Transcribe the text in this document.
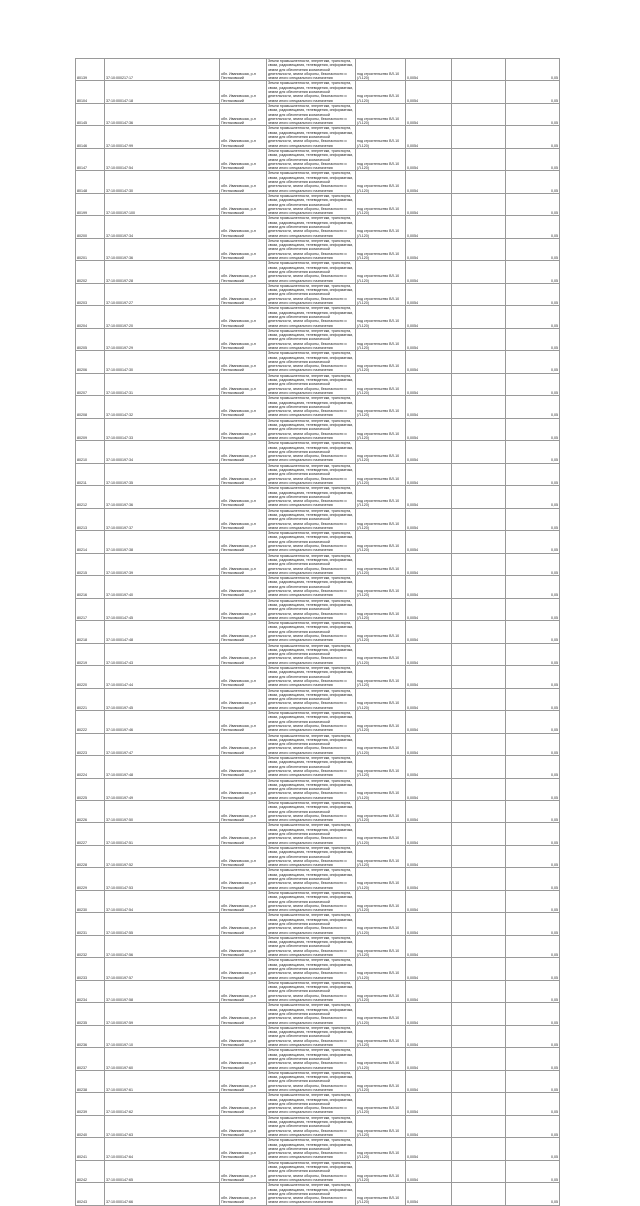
80139	37:10:000217:17	обл. Ивановская, р-н Пестяковский	Земли промышленности, энергетики, транспорта, связи, радиовещания, телевидения, информатики, земли для обеспечения космической деятельности, земли обороны, безопасности и земли иного специального назначения	под строительство ВЛ-10 (Л-120)	0,0054		0,05
80104	37:10:000147:18	обл. Ивановская, р-н Пестяковский	Земли промышленности, энергетики, транспорта, связи, радиовещания, телевидения, информатики, земли для обеспечения космической деятельности, земли обороны, безопасности и земли иного специального назначения	под строительство ВЛ-10 (Л-120)	0,0054		0,05
80145	37:10:000147:36	обл. Ивановская, р-н Пестяковский	Земли промышленности, энергетики, транспорта, связи, радиовещания, телевидения, информатики, земли для обеспечения космической деятельности, земли обороны, безопасности и земли иного специального назначения	под строительство ВЛ-10 (Л-120)	0,0054		0,05
80146	37:10:000147:99	обл. Ивановская, р-н Пестяковский	Земли промышленности, энергетики, транспорта, связи, радиовещания, телевидения, информатики, земли для обеспечения космической деятельности, земли обороны, безопасности и земли иного специального назначения	под строительство ВЛ-10 (Л-120)	0,0054		0,05
80147	37:10:000147:54	обл. Ивановская, р-н Пестяковский	Земли промышленности, энергетики, транспорта, связи, радиовещания, телевидения, информатики, земли для обеспечения космической деятельности, земли обороны, безопасности и земли иного специального назначения	под строительство ВЛ-10 (Л-120)	0,0054		0,05
80148	37:10:000147:30	обл. Ивановская, р-н Пестяковский	Земли промышленности, энергетики, транспорта, связи, радиовещания, телевидения, информатики, земли для обеспечения космической деятельности, земли обороны, безопасности и земли иного специального назначения	под строительство ВЛ-10 (Л-120)	0,0054		0,05
80199	37:10:000197:100	обл. Ивановская, р-н Пестяковский	Земли промышленности, энергетики, транспорта, связи, радиовещания, телевидения, информатики, земли для обеспечения космической деятельности, земли обороны, безопасности и земли иного специального назначения	под строительство ВЛ-10 (Л-120)	0,0054		0,05
80200	37:10:000197:34	обл. Ивановская, р-н Пестяковский	Земли промышленности, энергетики, транспорта, связи, радиовещания, телевидения, информатики, земли для обеспечения космической деятельности, земли обороны, безопасности и земли иного специального назначения	под строительство ВЛ-10 (Л-120)	0,0054		0,05
80201	37:10:000197:36	обл. Ивановская, р-н Пестяковский	Земли промышленности, энергетики, транспорта, связи, радиовещания, телевидения, информатики, земли для обеспечения космической деятельности, земли обороны, безопасности и земли иного специального назначения	под строительство ВЛ-10 (Л-120)	0,0054		0,05
80202	37:10:000197:28	обл. Ивановская, р-н Пестяковский	Земли промышленности, энергетики, транспорта, связи, радиовещания, телевидения, информатики, земли для обеспечения космической деятельности, земли обороны, безопасности и земли иного специального назначения	под строительство ВЛ-10 (Л-120)	0,0054		0,05
80203	37:10:000197:27	обл. Ивановская, р-н Пестяковский	Земли промышленности, энергетики, транспорта, связи, радиовещания, телевидения, информатики, земли для обеспечения космической деятельности, земли обороны, безопасности и земли иного специального назначения	под строительство ВЛ-10 (Л-120)	0,0054		0,05
80204	37:10:000197:20	обл. Ивановская, р-н Пестяковский	Земли промышленности, энергетики, транспорта, связи, радиовещания, телевидения, информатики, земли для обеспечения космической деятельности, земли обороны, безопасности и земли иного специального назначения	под строительство ВЛ-10 (Л-120)	0,0054		0,05
80205	37:10:000197:29	обл. Ивановская, р-н Пестяковский	Земли промышленности, энергетики, транспорта, связи, радиовещания, телевидения, информатики, земли для обеспечения космической деятельности, земли обороны, безопасности и земли иного специального назначения	под строительство ВЛ-10 (Л-120)	0,0054		0,05
80206	37:10:000147:30	обл. Ивановская, р-н Пестяковский	Земли промышленности, энергетики, транспорта, связи, радиовещания, телевидения, информатики, земли для обеспечения космической деятельности, земли обороны, безопасности и земли иного специального назначения	под строительство ВЛ-10 (Л-120)	0,0054		0,05
80207	37:10:000147:31	обл. Ивановская, р-н Пестяковский	Земли промышленности, энергетики, транспорта, связи, радиовещания, телевидения, информатики, земли для обеспечения космической деятельности, земли обороны, безопасности и земли иного специального назначения	под строительство ВЛ-10 (Л-120)	0,0054		0,05
80208	37:10:000147:32	обл. Ивановская, р-н Пестяковский	Земли промышленности, энергетики, транспорта, связи, радиовещания, телевидения, информатики, земли для обеспечения космической деятельности, земли обороны, безопасности и земли иного специального назначения	под строительство ВЛ-10 (Л-120)	0,0054		0,05
80209	37:10:000147:33	обл. Ивановская, р-н Пестяковский	Земли промышленности, энергетики, транспорта, связи, радиовещания, телевидения, информатики, земли для обеспечения космической деятельности, земли обороны, безопасности и земли иного специального назначения	под строительство ВЛ-10 (Л-120)	0,0054		0,05
80210	37:10:000197:34	обл. Ивановская, р-н Пестяковский	Земли промышленности, энергетики, транспорта, связи, радиовещания, телевидения, информатики, земли для обеспечения космической деятельности, земли обороны, безопасности и земли иного специального назначения	под строительство ВЛ-10 (Л-120)	0,0054		0,05
80211	37:10:000197:35	обл. Ивановская, р-н Пестяковский	Земли промышленности, энергетики, транспорта, связи, радиовещания, телевидения, информатики, земли для обеспечения космической деятельности, земли обороны, безопасности и земли иного специального назначения	под строительство ВЛ-10 (Л-120)	0,0054		0,05
80212	37:10:000197:36	обл. Ивановская, р-н Пестяковский	Земли промышленности, энергетики, транспорта, связи, радиовещания, телевидения, информатики, земли для обеспечения космической деятельности, земли обороны, безопасности и земли иного специального назначения	под строительство ВЛ-10 (Л-120)	0,0054		0,05
80213	37:10:000197:37	обл. Ивановская, р-н Пестяковский	Земли промышленности, энергетики, транспорта, связи, радиовещания, телевидения, информатики, земли для обеспечения космической деятельности, земли обороны, безопасности и земли иного специального назначения	под строительство ВЛ-10 (Л-120)	0,0054		0,05
80214	37:10:000197:38	обл. Ивановская, р-н Пестяковский	Земли промышленности, энергетики, транспорта, связи, радиовещания, телевидения, информатики, земли для обеспечения космической деятельности, земли обороны, безопасности и земли иного специального назначения	под строительство ВЛ-10 (Л-120)	0,0054		0,05
80215	37:10:000197:39	обл. Ивановская, р-н Пестяковский	Земли промышленности, энергетики, транспорта, связи, радиовещания, телевидения, информатики, земли для обеспечения космической деятельности, земли обороны, безопасности и земли иного специального назначения	под строительство ВЛ-10 (Л-120)	0,0054		0,05
80216	37:10:000197:40	обл. Ивановская, р-н Пестяковский	Земли промышленности, энергетики, транспорта, связи, радиовещания, телевидения, информатики, земли для обеспечения космической деятельности, земли обороны, безопасности и земли иного специального назначения	под строительство ВЛ-10 (Л-120)	0,0054		0,05
80217	37:10:000147:45	обл. Ивановская, р-н Пестяковский	Земли промышленности, энергетики, транспорта, связи, радиовещания, телевидения, информатики, земли для обеспечения космической деятельности, земли обороны, безопасности и земли иного специального назначения	под строительство ВЛ-10 (Л-120)	0,0054		0,05
80218	37:10:000147:48	обл. Ивановская, р-н Пестяковский	Земли промышленности, энергетики, транспорта, связи, радиовещания, телевидения, информатики, земли для обеспечения космической деятельности, земли обороны, безопасности и земли иного специального назначения	под строительство ВЛ-10 (Л-120)	0,0054		0,05
80219	37:10:000147:43	обл. Ивановская, р-н Пестяковский	Земли промышленности, энергетики, транспорта, связи, радиовещания, телевидения, информатики, земли для обеспечения космической деятельности, земли обороны, безопасности и земли иного специального назначения	под строительство ВЛ-10 (Л-120)	0,0054		0,05
80220	37:10:000147:44	обл. Ивановская, р-н Пестяковский	Земли промышленности, энергетики, транспорта, связи, радиовещания, телевидения, информатики, земли для обеспечения космической деятельности, земли обороны, безопасности и земли иного специального назначения	под строительство ВЛ-10 (Л-120)	0,0054		0,05
80221	37:10:000197:45	обл. Ивановская, р-н Пестяковский	Земли промышленности, энергетики, транспорта, связи, радиовещания, телевидения, информатики, земли для обеспечения космической деятельности, земли обороны, безопасности и земли иного специального назначения	под строительство ВЛ-10 (Л-120)	0,0054		0,05
80222	37:10:000197:46	обл. Ивановская, р-н Пестяковский	Земли промышленности, энергетики, транспорта, связи, радиовещания, телевидения, информатики, земли для обеспечения космической деятельности, земли обороны, безопасности и земли иного специального назначения	под строительство ВЛ-10 (Л-120)	0,0054		0,05
80223	37:10:000197:47	обл. Ивановская, р-н Пестяковский	Земли промышленности, энергетики, транспорта, связи, радиовещания, телевидения, информатики, земли для обеспечения космической деятельности, земли обороны, безопасности и земли иного специального назначения	под строительство ВЛ-10 (Л-120)	0,0054		0,05
80224	37:10:000197:48	обл. Ивановская, р-н Пестяковский	Земли промышленности, энергетики, транспорта, связи, радиовещания, телевидения, информатики, земли для обеспечения космической деятельности, земли обороны, безопасности и земли иного специального назначения	под строительство ВЛ-10 (Л-120)	0,0054		0,05
80225	37:10:000197:49	обл. Ивановская, р-н Пестяковский	Земли промышленности, энергетики, транспорта, связи, радиовещания, телевидения, информатики, земли для обеспечения космической деятельности, земли обороны, безопасности и земли иного специального назначения	под строительство ВЛ-10 (Л-120)	0,0054		0,05
80226	37:10:000197:50	обл. Ивановская, р-н Пестяковский	Земли промышленности, энергетики, транспорта, связи, радиовещания, телевидения, информатики, земли для обеспечения космической деятельности, земли обороны, безопасности и земли иного специального назначения	под строительство ВЛ-10 (Л-120)	0,0054		0,05
80227	37:10:000147:51	обл. Ивановская, р-н Пестяковский	Земли промышленности, энергетики, транспорта, связи, радиовещания, телевидения, информатики, земли для обеспечения космической деятельности, земли обороны, безопасности и земли иного специального назначения	под строительство ВЛ-10 (Л-120)	0,0054		0,05
80228	37:10:000197:52	обл. Ивановская, р-н Пестяковский	Земли промышленности, энергетики, транспорта, связи, радиовещания, телевидения, информатики, земли для обеспечения космической деятельности, земли обороны, безопасности и земли иного специального назначения	под строительство ВЛ-10 (Л-120)	0,0054		0,05
80229	37:10:000147:53	обл. Ивановская, р-н Пестяковский	Земли промышленности, энергетики, транспорта, связи, радиовещания, телевидения, информатики, земли для обеспечения космической деятельности, земли обороны, безопасности и земли иного специального назначения	под строительство ВЛ-10 (Л-120)	0,0054		0,05
80230	37:10:000147:54	обл. Ивановская, р-н Пестяковский	Земли промышленности, энергетики, транспорта, связи, радиовещания, телевидения, информатики, земли для обеспечения космической деятельности, земли обороны, безопасности и земли иного специального назначения	под строительство ВЛ-10 (Л-120)	0,0054		0,05
80231	37:10:000147:55	обл. Ивановская, р-н Пестяковский	Земли промышленности, энергетики, транспорта, связи, радиовещания, телевидения, информатики, земли для обеспечения космической деятельности, земли обороны, безопасности и земли иного специального назначения	под строительство ВЛ-10 (Л-120)	0,0054		0,05
80232	37:10:000147:56	обл. Ивановская, р-н Пестяковский	Земли промышленности, энергетики, транспорта, связи, радиовещания, телевидения, информатики, земли для обеспечения космической деятельности, земли обороны, безопасности и земли иного специального назначения	под строительство ВЛ-10 (Л-120)	0,0054		0,05
80233	37:10:000197:57	обл. Ивановская, р-н Пестяковский	Земли промышленности, энергетики, транспорта, связи, радиовещания, телевидения, информатики, земли для обеспечения космической деятельности, земли обороны, безопасности и земли иного специального назначения	под строительство ВЛ-10 (Л-120)	0,0054		0,05
80234	37:10:000197:58	обл. Ивановская, р-н Пестяковский	Земли промышленности, энергетики, транспорта, связи, радиовещания, телевидения, информатики, земли для обеспечения космической деятельности, земли обороны, безопасности и земли иного специального назначения	под строительство ВЛ-10 (Л-120)	0,0054		0,05
80235	37:10:000197:59	обл. Ивановская, р-н Пестяковский	Земли промышленности, энергетики, транспорта, связи, радиовещания, телевидения, информатики, земли для обеспечения космической деятельности, земли обороны, безопасности и земли иного специального назначения	под строительство ВЛ-10 (Л-120)	0,0054		0,05
80236	37:10:000197:10	обл. Ивановская, р-н Пестяковский	Земли промышленности, энергетики, транспорта, связи, радиовещания, телевидения, информатики, земли для обеспечения космической деятельности, земли обороны, безопасности и земли иного специального назначения	под строительство ВЛ-10 (Л-120)	0,0054		0,05
80237	37:10:000197:60	обл. Ивановская, р-н Пестяковский	Земли промышленности, энергетики, транспорта, связи, радиовещания, телевидения, информатики, земли для обеспечения космической деятельности, земли обороны, безопасности и земли иного специального назначения	под строительство ВЛ-10 (Л-120)	0,0054		0,05
80238	37:10:000197:61	обл. Ивановская, р-н Пестяковский	Земли промышленности, энергетики, транспорта, связи, радиовещания, телевидения, информатики, земли для обеспечения космической деятельности, земли обороны, безопасности и земли иного специального назначения	под строительство ВЛ-10 (Л-120)	0,0054		0,05
80239	37:10:000147:62	обл. Ивановская, р-н Пестяковский	Земли промышленности, энергетики, транспорта, связи, радиовещания, телевидения, информатики, земли для обеспечения космической деятельности, земли обороны, безопасности и земли иного специального назначения	под строительство ВЛ-10 (Л-120)	0,0054		0,05
80240	37:10:000147:63	обл. Ивановская, р-н Пестяковский	Земли промышленности, энергетики, транспорта, связи, радиовещания, телевидения, информатики, земли для обеспечения космической деятельности, земли обороны, безопасности и земли иного специального назначения	под строительство ВЛ-10 (Л-120)	0,0054		0,05
80241	37:10:000147:64	обл. Ивановская, р-н Пестяковский	Земли промышленности, энергетики, транспорта, связи, радиовещания, телевидения, информатики, земли для обеспечения космической деятельности, земли обороны, безопасности и земли иного специального назначения	под строительство ВЛ-10 (Л-120)	0,0054		0,05
80242	37:10:000147:65	обл. Ивановская, р-н Пестяковский	Земли промышленности, энергетики, транспорта, связи, радиовещания, телевидения, информатики, земли для обеспечения космической деятельности, земли обороны, безопасности и земли иного специального назначения	под строительство ВЛ-10 (Л-120)	0,0054		0,05
80243	37:10:000147:66	обл. Ивановская, р-н Пестяковский	Земли промышленности, энергетики, транспорта, связи, радиовещания, телевидения, информатики, земли для обеспечения космической деятельности, земли обороны, безопасности и земли иного специального назначения	под строительство ВЛ-10 (Л-120)	0,0054		0,05
